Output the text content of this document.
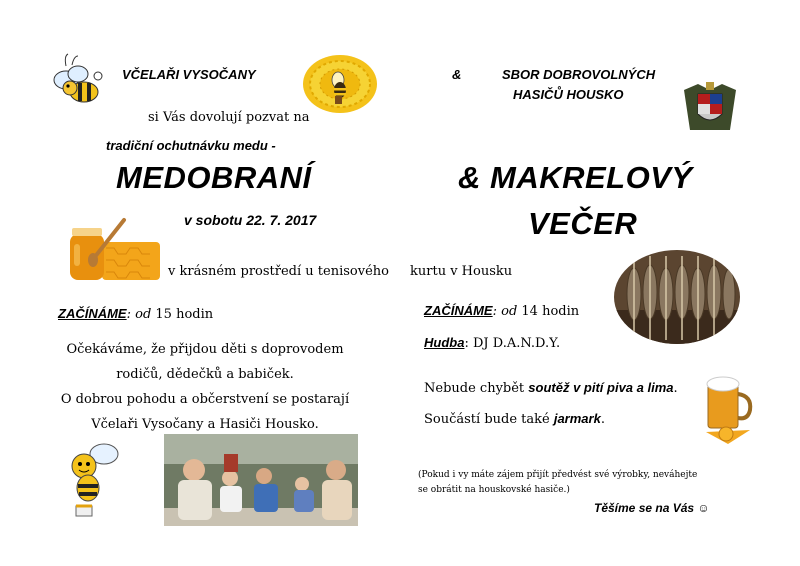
VČELAŘI VYSOČANY	&	SBOR DOBROVOLNÝCH
HASIČŮ HOUSKO
si Vás dovolují pozvat na
tradiční ochutnávku medu -
MEDOBRANÍ	& MAKRELOVÝ
VEČER
v sobotu 22. 7. 2017
v krásném prostředí u tenisového kurtu v Housku
ZAČÍNÁME: od 15 hodin
Očekáváme, že přijdou děti s doprovodem
rodičů, dědečků a babiček.
O dobrou pohodu a občerstvení se postarají
Včelaři Vysočany a Hasiči Housko.
ZAČÍNÁME: od 14 hodin
Hudba: DJ D.A.N.D.Y.
Nebude chybět soutěž v pití piva a lima.
Součástí bude také jarmark.
(Pokud i vy máte zájem přijít předvést své výrobky, neváhejte
se obrátit na houskovské hasiče.)
Těšíme se na Vás ☺
